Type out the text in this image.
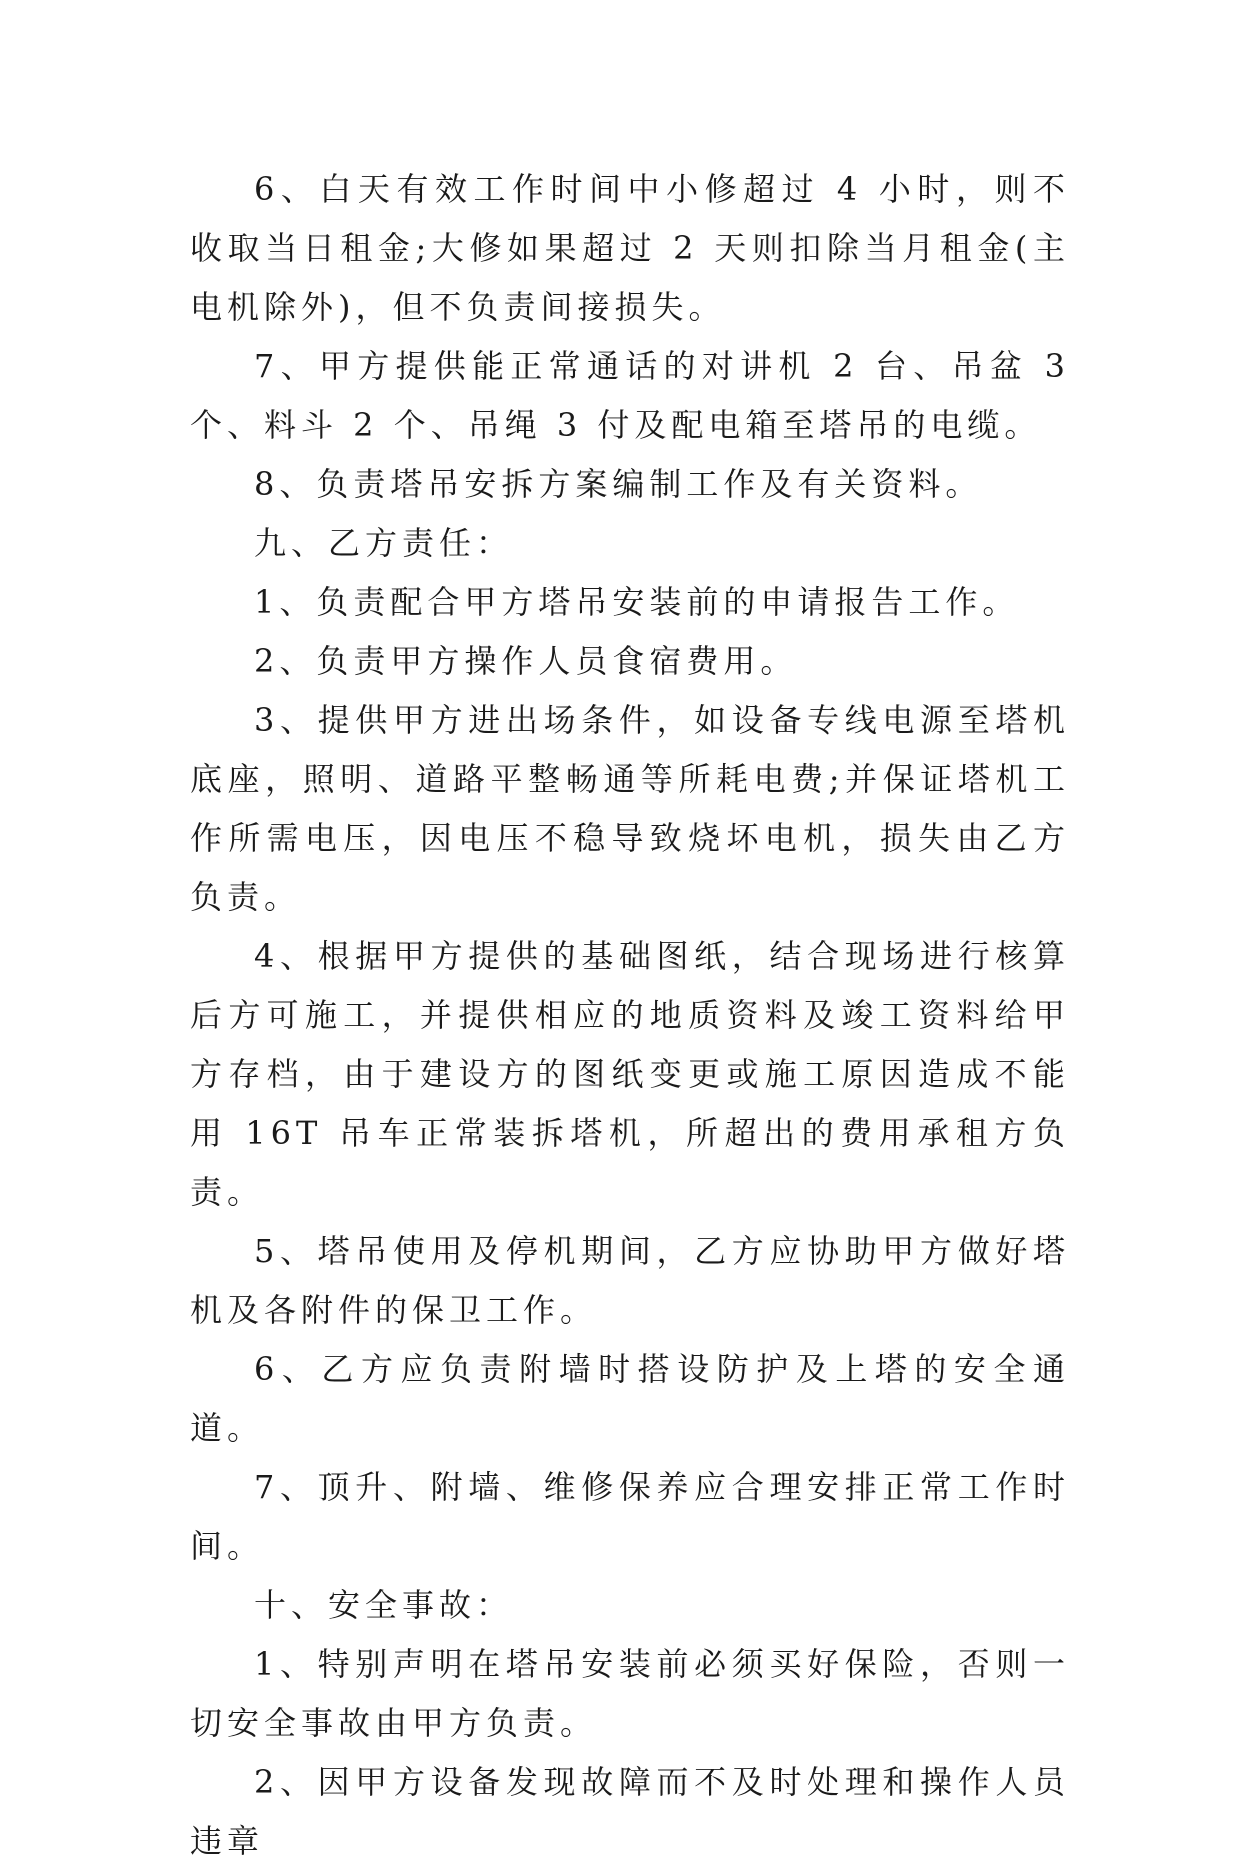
6、白天有效工作时间中小修超过 4 小时，则不收取当日租金;大修如果超过 2 天则扣除当月租金(主电机除外)，但不负责间接损失。

7、甲方提供能正常通话的对讲机 2 台、吊盆 3 个、料斗 2 个、吊绳 3 付及配电箱至塔吊的电缆。

8、负责塔吊安拆方案编制工作及有关资料。

九、乙方责任：

1、负责配合甲方塔吊安装前的申请报告工作。

2、负责甲方操作人员食宿费用。

3、提供甲方进出场条件，如设备专线电源至塔机底座，照明、道路平整畅通等所耗电费;并保证塔机工作所需电压，因电压不稳导致烧坏电机，损失由乙方负责。

4、根据甲方提供的基础图纸，结合现场进行核算后方可施工，并提供相应的地质资料及竣工资料给甲方存档，由于建设方的图纸变更或施工原因造成不能用 16T 吊车正常装拆塔机，所超出的费用承租方负责。

5、塔吊使用及停机期间，乙方应协助甲方做好塔机及各附件的保卫工作。

6、乙方应负责附墙时搭设防护及上塔的安全通道。

7、顶升、附墙、维修保养应合理安排正常工作时间。

十、安全事故：

1、特别声明在塔吊安装前必须买好保险，否则一切安全事故由甲方负责。

2、因甲方设备发现故障而不及时处理和操作人员违章
